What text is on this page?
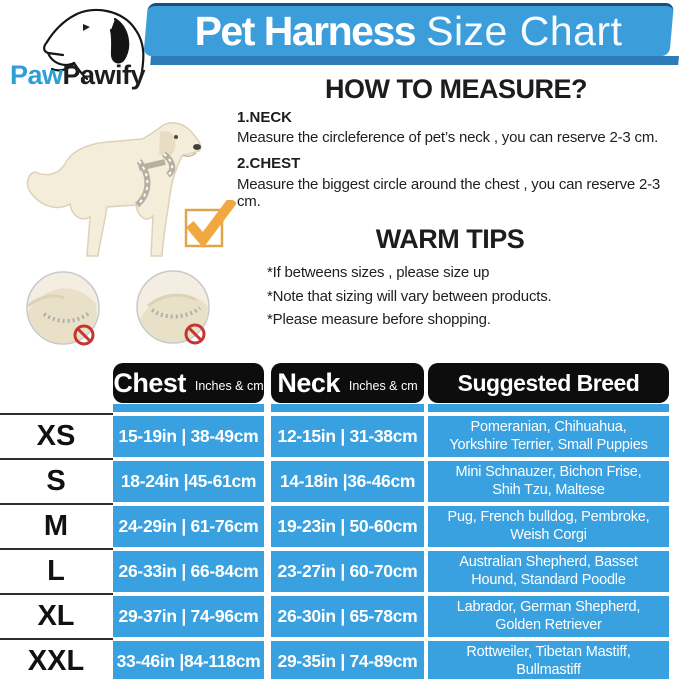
Pet Harness Size Chart
PawPawify	HOW TO MEASURE?
1.NECK
Measure the circleference of pet’s neck , you can reserve 2-3 cm.
2.CHEST
Measure the biggest circle around the chest , you can reserve 2-3 cm.
WARM TIPS
*If betweens sizes , please size up
*Note that sizing will vary between products.
*Please measure before shopping.
Chest Inches & cm Neck Inches & cm Suggested Breed
XS	15-19in | 38-49cm	12-15in | 31-38cm	Pomeranian, Chihuahua,
Yorkshire Terrier, Small Puppies
S	18-24in |45-61cm	14-18in |36-46cm	Mini Schnauzer, Bichon Frise,
Shih Tzu, Maltese
M	24-29in | 61-76cm	19-23in | 50-60cm	Pug, French bulldog, Pembroke,
Weish Corgi
L	26-33in | 66-84cm	23-27in | 60-70cm	Australian Shepherd, Basset
Hound, Standard Poodle
XL	29-37in | 74-96cm	26-30in | 65-78cm	Labrador, German Shepherd,
Golden Retriever
XXL	33-46in |84-118cm 29-35in | 74-89cm	Rottweiler, Tibetan Mastiff,
Bullmastiff
